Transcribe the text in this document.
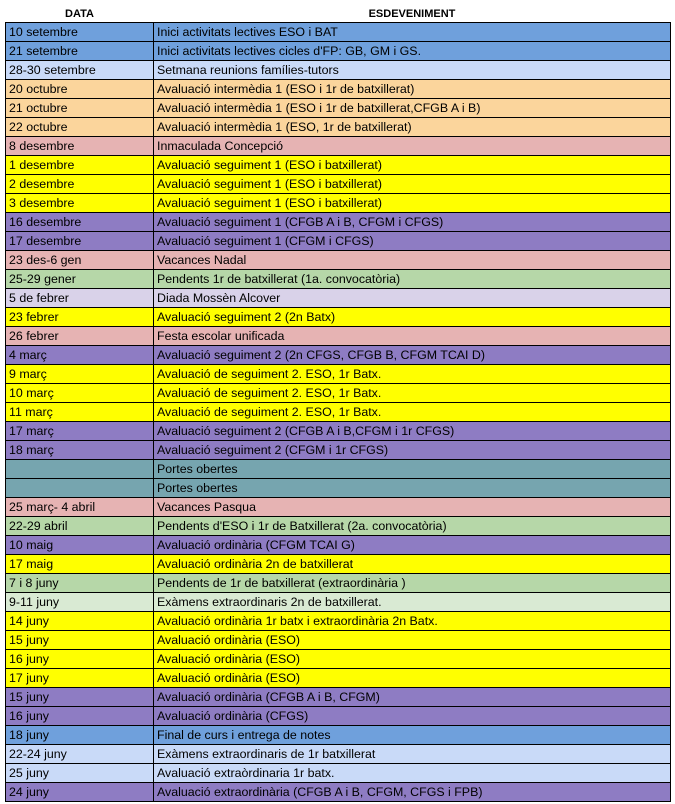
DATA	ESDEVENIMENT
10 setembre	Inici activitats lectives ESO i BAT
21 setembre	Inici activitats lectives cicles d'FP: GB, GM i GS.
28-30 setembre	Setmana reunions famílies-tutors
20 octubre	Avaluació intermèdia 1 (ESO i 1r de batxillerat)
21 octubre	Avaluació intermèdia 1 (ESO i 1r de batxillerat,CFGB A i B)
22 octubre	Avaluació intermèdia 1 (ESO, 1r de batxillerat)
8 desembre	Inmaculada Concepció
1 desembre	Avaluació seguiment 1 (ESO i batxillerat)
2 desembre	Avaluació seguiment 1 (ESO i batxillerat)
3 desembre	Avaluació seguiment 1 (ESO i batxillerat)
16 desembre	Avaluació seguiment 1 (CFGB A i B, CFGM i CFGS)
17 desembre	Avaluació seguiment 1 (CFGM i CFGS)
23 des-6 gen	Vacances Nadal
25-29 gener	Pendents 1r de batxillerat (1a. convocatòria)
5 de febrer	Diada Mossèn Alcover
23 febrer	Avaluació seguiment 2 (2n Batx)
26 febrer	Festa escolar unificada
4 març	Avaluació seguiment 2 (2n CFGS, CFGB B, CFGM TCAI D)
9 març	Avaluació de seguiment 2. ESO, 1r Batx.
10 març	Avaluació de seguiment 2. ESO, 1r Batx.
11 març	Avaluació de seguiment 2. ESO, 1r Batx.
17 març	Avaluació seguiment 2 (CFGB A i B,CFGM i 1r CFGS)
18 març	Avaluació seguiment 2 (CFGM i 1r CFGS)
	Portes obertes
	Portes obertes
25 març- 4 abril	Vacances Pasqua
22-29 abril	Pendents d'ESO i 1r de Batxillerat (2a. convocatòria)
10 maig	Avaluació ordinària (CFGM TCAI G)
17 maig	Avaluació ordinària 2n de batxillerat
7 i 8 juny	Pendents de 1r de batxillerat (extraordinària )
9-11 juny	Exàmens extraordinaris 2n de batxillerat.
14 juny	Avaluació ordinària 1r batx i extraordinària 2n Batx.
15 juny	Avaluació ordinària (ESO)
16 juny	Avaluació ordinària (ESO)
17 juny	Avaluació ordinària (ESO)
15 juny	Avaluació ordinària (CFGB A i B, CFGM)
16 juny	Avaluació ordinària (CFGS)
18 juny	Final de curs i entrega de notes
22-24 juny	Exàmens extraordinaris de 1r batxillerat
25 juny	Avaluació extraòrdinaria 1r batx.
24 juny	Avaluació extraordinària (CFGB A i B, CFGM, CFGS i FPB)
